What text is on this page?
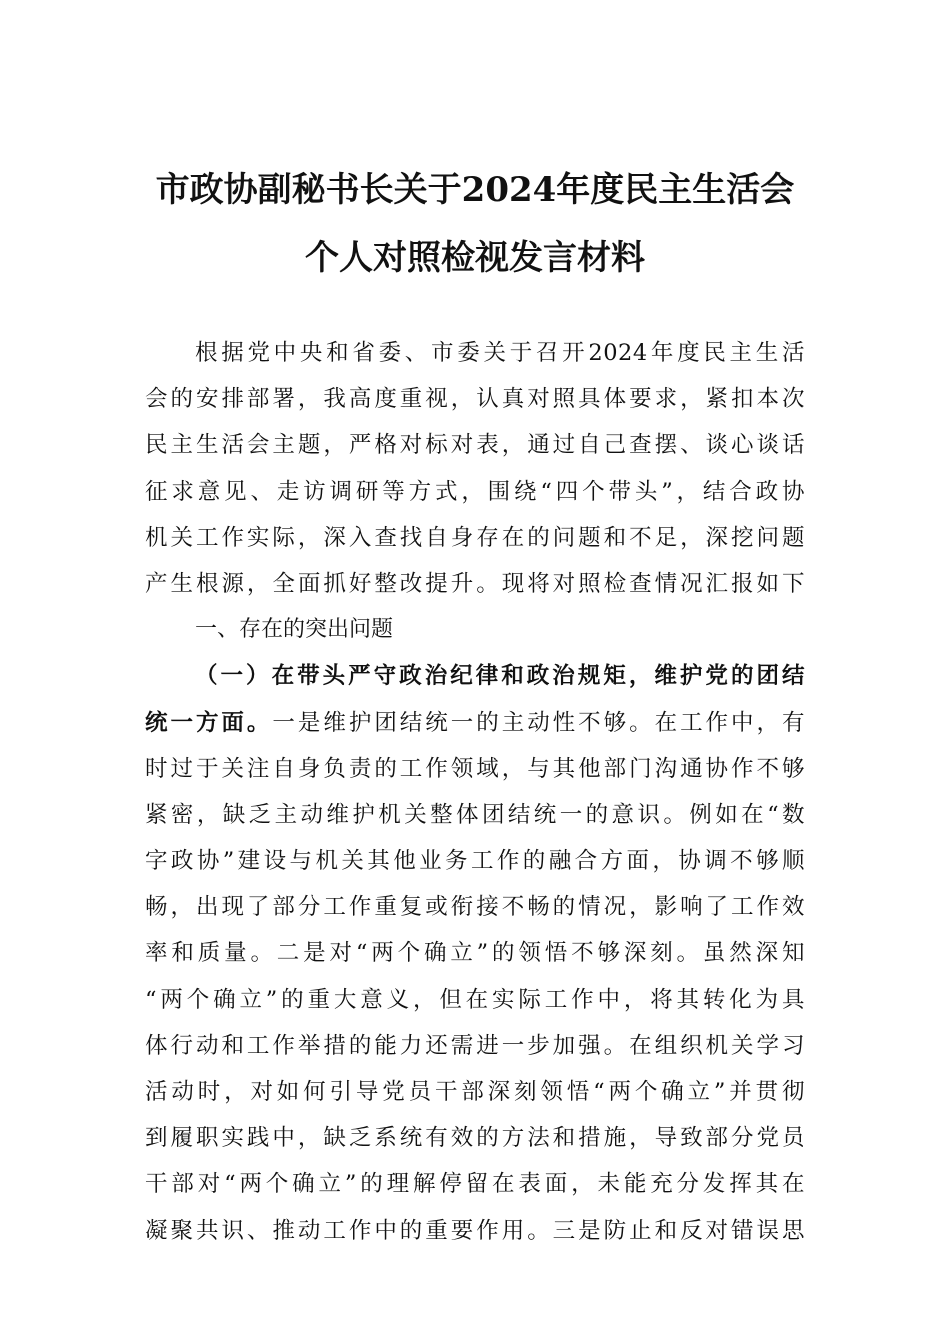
市政协副秘书长关于2024年度民主生活会
个人对照检视发言材料
根据党中央和省委、市委关于召开2024年度民主生活
会的安排部署，我高度重视，认真对照具体要求，紧扣本次
民主生活会主题，严格对标对表，通过自己查摆、谈心谈话
征求意见、走访调研等方式，围绕“四个带头”，结合政协
机关工作实际，深入查找自身存在的问题和不足，深挖问题
产生根源，全面抓好整改提升。现将对照检查情况汇报如下
一、存在的突出问题
（一）在带头严守政治纪律和政治规矩，维护党的团结
统一方面。一是维护团结统一的主动性不够。在工作中，有
时过于关注自身负责的工作领域，与其他部门沟通协作不够
紧密，缺乏主动维护机关整体团结统一的意识。例如在“数
字政协”建设与机关其他业务工作的融合方面，协调不够顺
畅，出现了部分工作重复或衔接不畅的情况，影响了工作效
率和质量。二是对“两个确立”的领悟不够深刻。虽然深知
“两个确立”的重大意义，但在实际工作中，将其转化为具
体行动和工作举措的能力还需进一步加强。在组织机关学习
活动时，对如何引导党员干部深刻领悟“两个确立”并贯彻
到履职实践中，缺乏系统有效的方法和措施，导致部分党员
干部对“两个确立”的理解停留在表面，未能充分发挥其在
凝聚共识、推动工作中的重要作用。三是防止和反对错误思
